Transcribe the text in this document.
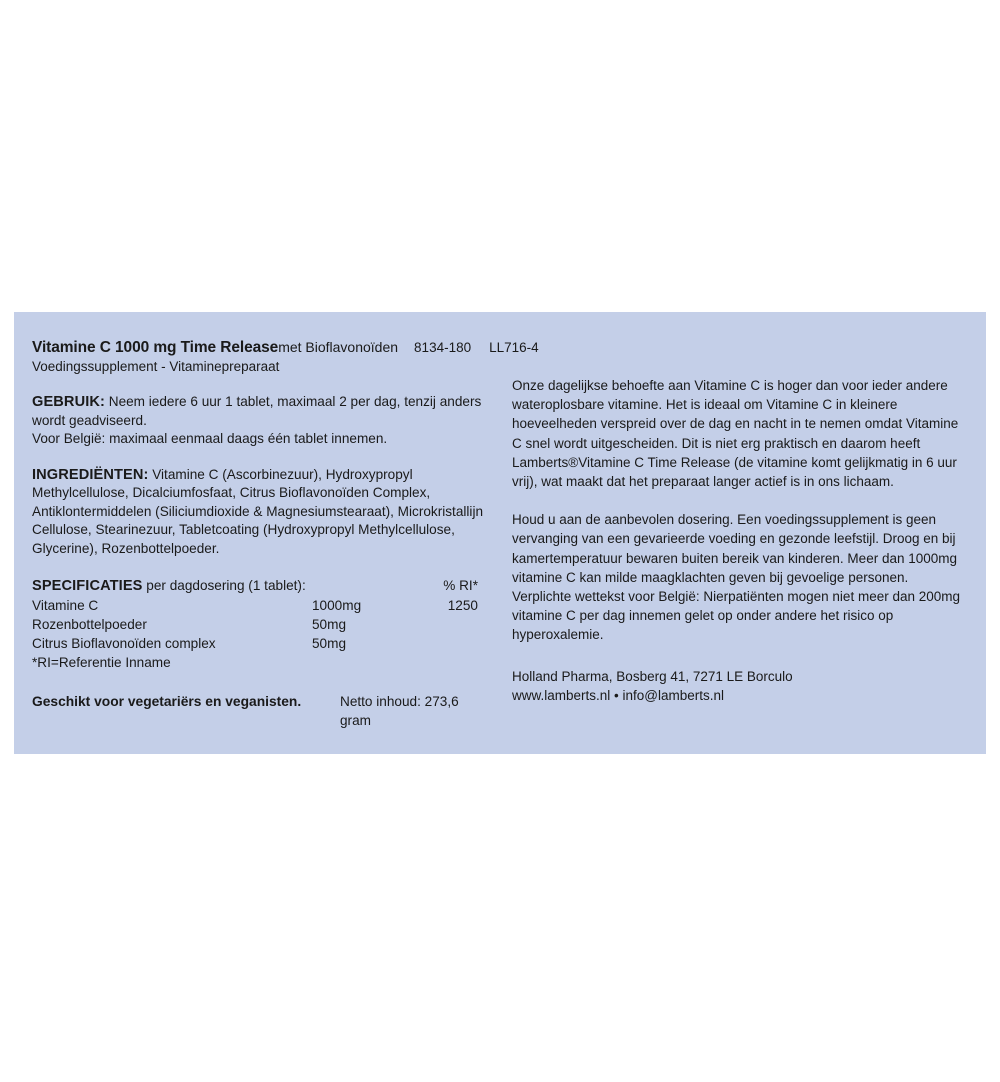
Vitamine C 1000 mg Time Releasemet Bioflavonoïden 8134-180 LL716-4
Voedingssupplement - Vitaminepreparaat

GEBRUIK: Neem iedere 6 uur 1 tablet, maximaal 2 per dag, tenzij anders wordt geadviseerd.

Voor België: maximaal eenmaal daags één tablet innemen.

INGREDIËNTEN: Vitamine C (Ascorbinezuur), Hydroxypropyl Methylcellulose, Dicalciumfosfaat, Citrus Bioflavonoïden Complex, Antiklontermiddelen (Siliciumdioxide & Magnesiumstearaat), Microkristallijn Cellulose, Stearinezuur, Tabletcoating (Hydroxypropyl Methylcellulose, Glycerine), Rozenbottelpoeder.

SPECIFICATIES per dagdosering (1 tablet):	% RI*
Vitamine C	1000mg	1250
Rozenbottelpoeder	50mg
Citrus Bioflavonoïden complex	50mg
*RI=Referentie Inname
Geschikt voor vegetariërs en veganisten.	Netto inhoud: 273,6 gram

Onze dagelijkse behoefte aan Vitamine C is hoger dan voor ieder andere wateroplosbare vitamine. Het is ideaal om Vitamine C in kleinere hoeveelheden verspreid over de dag en nacht in te nemen omdat Vitamine C snel wordt uitgescheiden. Dit is niet erg praktisch en daarom heeft Lamberts®Vitamine C Time Release (de vitamine komt gelijkmatig in 6 uur vrij), wat maakt dat het preparaat langer actief is in ons lichaam.

Houd u aan de aanbevolen dosering. Een voedingssupplement is geen vervanging van een gevarieerde voeding en gezonde leefstijl. Droog en bij kamertemperatuur bewaren buiten bereik van kinderen. Meer dan 1000mg vitamine C kan milde maagklachten geven bij gevoelige personen. Verplichte wettekst voor België: Nierpatiënten mogen niet meer dan 200mg vitamine C per dag innemen gelet op onder andere het risico op hyperoxalemie.

Holland Pharma, Bosberg 41, 7271 LE Borculo
www.lamberts.nl • info@lamberts.nl
